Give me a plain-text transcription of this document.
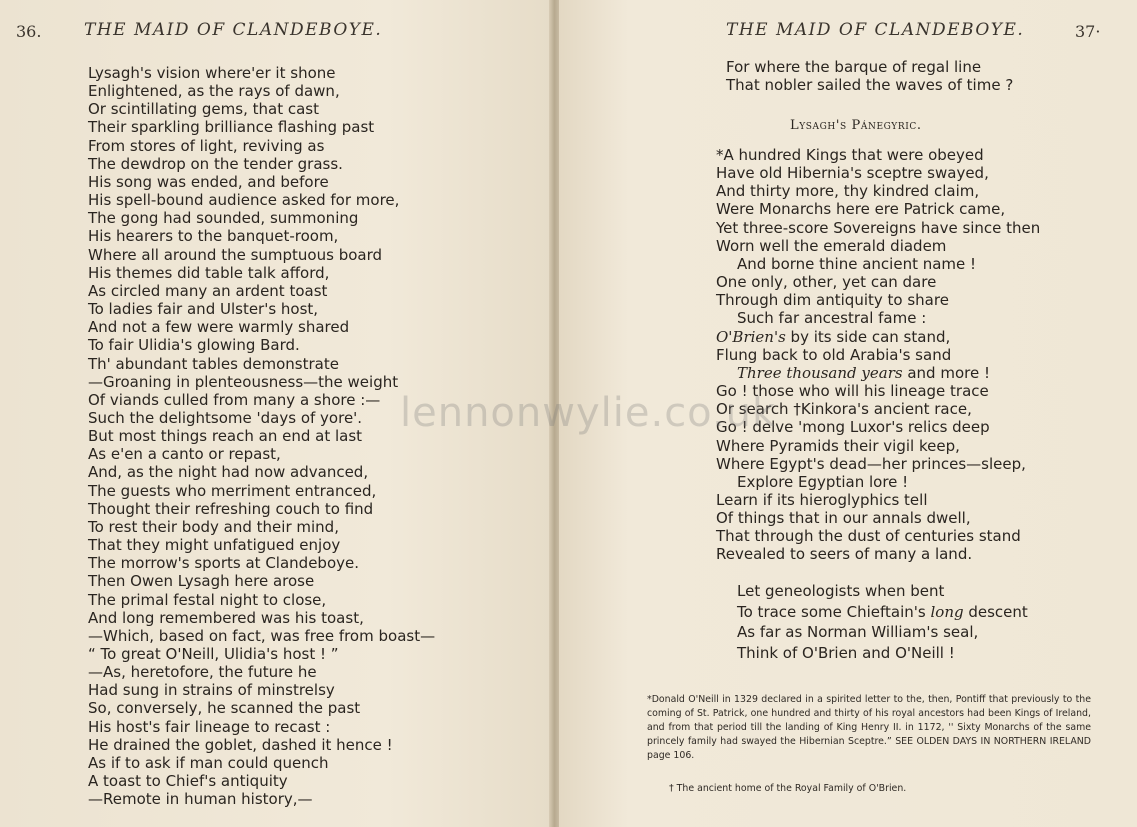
36.	THE MAID OF CLANDEBOYE.
Lysagh's vision where'er it shone
Enlightened, as the rays of dawn,
Or scintillating gems, that cast
Their sparkling brilliance flashing past
From stores of light, reviving as
The dewdrop on the tender grass.
His song was ended, and before
His spell-bound audience asked for more,
The gong had sounded, summoning
His hearers to the banquet-room,
Where all around the sumptuous board
His themes did table talk afford,
As circled many an ardent toast
To ladies fair and Ulster's host,
And not a few were warmly shared
To fair Ulidia's glowing Bard.
Th' abundant tables demonstrate
—Groaning in plenteousness—the weight
Of viands culled from many a shore :—
Such the delightsome 'days of yore'.
But most things reach an end at last
As e'en a canto or repast,
And, as the night had now advanced,
The guests who merriment entranced,
Thought their refreshing couch to find
To rest their body and their mind,
That they might unfatigued enjoy
The morrow's sports at Clandeboye.
Then Owen Lysagh here arose
The primal festal night to close,
And long remembered was his toast,
—Which, based on fact, was free from boast—
“ To great O'Neill, Ulidia's host ! ”
—As, heretofore, the future he
Had sung in strains of minstrelsy
So, conversely, he scanned the past
His host's fair lineage to recast :
He drained the goblet, dashed it hence !
As if to ask if man could quench
A toast to Chief's antiquity
—Remote in human history,—
THE MAID OF CLANDEBOYE.	37·
For where the barque of regal line
That nobler sailed the waves of time ?
Lysagh's Pánegyric.
*A hundred Kings that were obeyed
Have old Hibernia's sceptre swayed,
And thirty more, thy kindred claim,
Were Monarchs here ere Patrick came,
Yet three-score Sovereigns have since then
Worn well the emerald diadem
And borne thine ancient name !
One only, other, yet can dare
Through dim antiquity to share
Such far ancestral fame :
O'Brien's by its side can stand,
Flung back to old Arabia's sand
Three thousand years and more !
Go ! those who will his lineage trace
Or search †Kinkora's ancient race,
Go ! delve 'mong Luxor's relics deep
Where Pyramids their vigil keep,
Where Egypt's dead—her princes—sleep,
Explore Egyptian lore !
Learn if its hieroglyphics tell
Of things that in our annals dwell,
That through the dust of centuries stand
Revealed to seers of many a land.
Let geneologists when bent
To trace some Chieftain's long descent
As far as Norman William's seal,
Think of O'Brien and O'Neill !
*Donald O'Neill in 1329 declared in a spirited letter to the, then, Pontiff that previously to the coming of St. Patrick, one hundred and thirty of his royal ancestors had been Kings of Ireland, and from that period till the landing of King Henry II. in 1172, '' Sixty Monarchs of the same princely family had swayed the Hibernian Sceptre.” SEE OLDEN DAYS IN NORTHERN IRELAND page 106.
† The ancient home of the Royal Family of O'Brien.
lennonwylie.co.uk
